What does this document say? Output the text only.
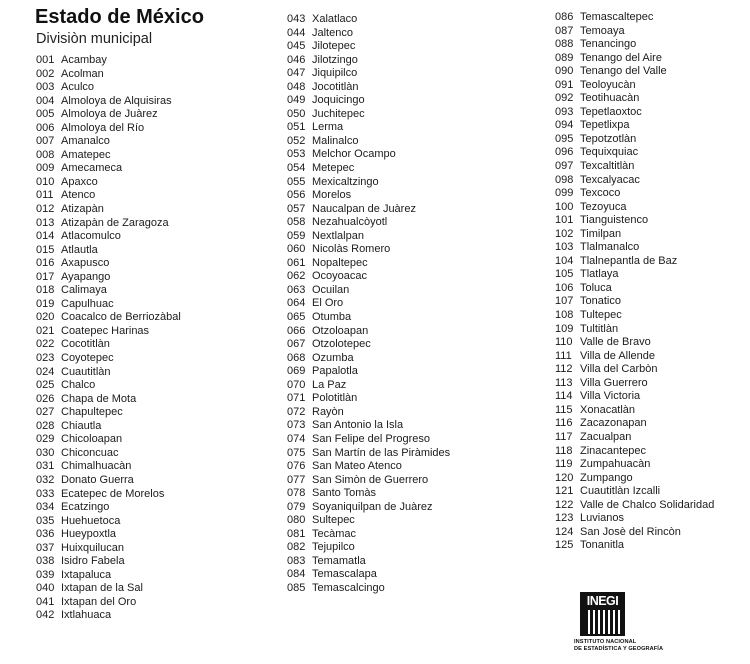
Estado de México
Divisiòn municipal
001 Acambay
002 Acolman
003 Aculco
004 Almoloya de Alquisiras
005 Almoloya de Juàrez
006 Almoloya del Río
007 Amanalco
008 Amatepec
009 Amecameca
010 Apaxco
011 Atenco
012 Atizapàn
013 Atizapàn de Zaragoza
014 Atlacomulco
015 Atlautla
016 Axapusco
017 Ayapango
018 Calimaya
019 Capulhuac
020 Coacalco de Berriozàbal
021 Coatepec Harinas
022 Cocotitlàn
023 Coyotepec
024 Cuautitlàn
025 Chalco
026 Chapa de Mota
027 Chapultepec
028 Chiautla
029 Chicoloapan
030 Chiconcuac
031 Chimalhuacàn
032 Donato Guerra
033 Ecatepec de Morelos
034 Ecatzingo
035 Huehuetoca
036 Hueypoxtla
037 Huixquilucan
038 Isidro Fabela
039 Ixtapaluca
040 Ixtapan de la Sal
041 Ixtapan del Oro
042 Ixtlahuaca
043 Xalatlaco
044 Jaltenco
045 Jilotepec
046 Jilotzingo
047 Jiquipilco
048 Jocotitlàn
049 Joquicingo
050 Juchitepec
051 Lerma
052 Malinalco
053 Melchor Ocampo
054 Metepec
055 Mexicaltzingo
056 Morelos
057 Naucalpan de Juàrez
058 Nezahualcòyotl
059 Nextlalpan
060 Nicolàs Romero
061 Nopaltepec
062 Ocoyoacac
063 Ocuilan
064 El Oro
065 Otumba
066 Otzoloapan
067 Otzolotepec
068 Ozumba
069 Papalotla
070 La Paz
071 Polotitlàn
072 Rayòn
073 San Antonio la Isla
074 San Felipe del Progreso
075 San Martín de las Piràmides
076 San Mateo Atenco
077 San Simòn de Guerrero
078 Santo Tomàs
079 Soyaniquilpan de Juàrez
080 Sultepec
081 Tecàmac
082 Tejupilco
083 Temamatla
084 Temascalapa
085 Temascalcingo
086 Temascaltepec
087 Temoaya
088 Tenancingo
089 Tenango del Aire
090 Tenango del Valle
091 Teoloyucàn
092 Teotihuacàn
093 Tepetlaoxtoc
094 Tepetlixpa
095 Tepotzotlàn
096 Tequixquiac
097 Texcaltitlàn
098 Texcalyacac
099 Texcoco
100 Tezoyuca
101 Tianguistenco
102 Timilpan
103 Tlalmanalco
104 Tlalnepantla de Baz
105 Tlatlaya
106 Toluca
107 Tonatico
108 Tultepec
109 Tultitlàn
110 Valle de Bravo
111 Villa de Allende
112 Villa del Carbòn
113 Villa Guerrero
114 Villa Victoria
115 Xonacatlàn
116 Zacazonapan
117 Zacualpan
118 Zinacantepec
119 Zumpahuacàn
120 Zumpango
121 Cuautitlàn Izcalli
122 Valle de Chalco Solidaridad
123 Luvianos
124 San Josè del Rincòn
125 Tonanitla
INEGI
INSTITUTO NACIONAL
DE ESTADÍSTICA Y GEOGRAFÍA
